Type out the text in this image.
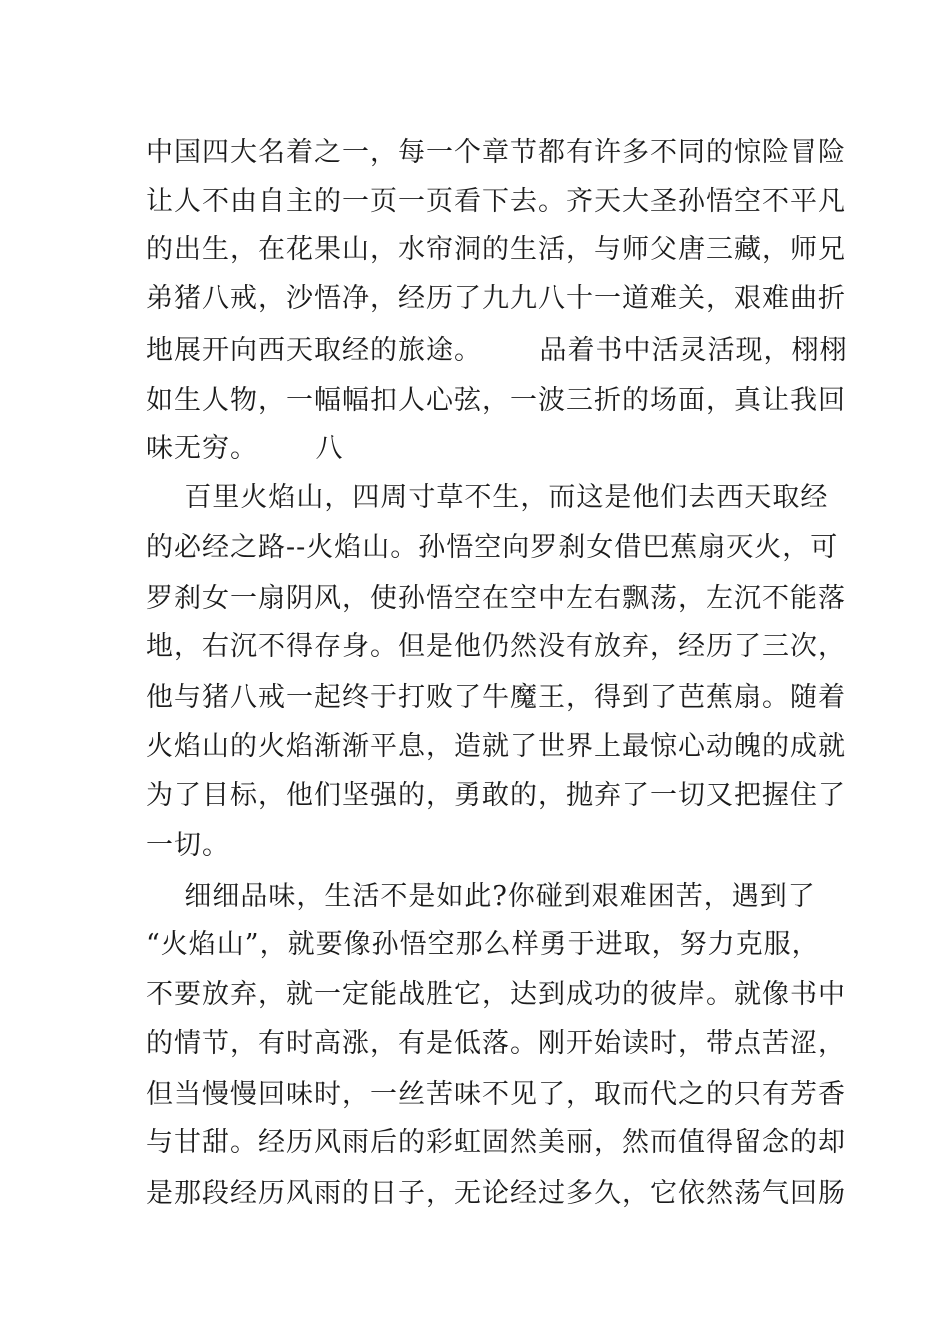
中国四大名着之一，每一个章节都有许多不同的惊险冒险
让人不由自主的一页一页看下去。齐天大圣孙悟空不平凡
的出生，在花果山，水帘洞的生活，与师父唐三藏，师兄
弟猪八戒，沙悟净，经历了九九八十一道难关，艰难曲折
地展开向西天取经的旅途。      品着书中活灵活现，栩栩
如生人物，一幅幅扣人心弦，一波三折的场面，真让我回
味无穷。      八
百里火焰山，四周寸草不生，而这是他们去西天取经
的必经之路--火焰山。孙悟空向罗刹女借巴蕉扇灭火，可
罗刹女一扇阴风，使孙悟空在空中左右飘荡，左沉不能落
地，右沉不得存身。但是他仍然没有放弃，经历了三次，
他与猪八戒一起终于打败了牛魔王，得到了芭蕉扇。随着
火焰山的火焰渐渐平息，造就了世界上最惊心动魄的成就
为了目标，他们坚强的，勇敢的，抛弃了一切又把握住了
一切。
细细品味，生活不是如此?你碰到艰难困苦，遇到了
“火焰山”，就要像孙悟空那么样勇于进取，努力克服，
不要放弃，就一定能战胜它，达到成功的彼岸。就像书中
的情节，有时高涨，有是低落。刚开始读时，带点苦涩，
但当慢慢回味时，一丝苦味不见了，取而代之的只有芳香
与甘甜。经历风雨后的彩虹固然美丽，然而值得留念的却
是那段经历风雨的日子，无论经过多久，它依然荡气回肠
